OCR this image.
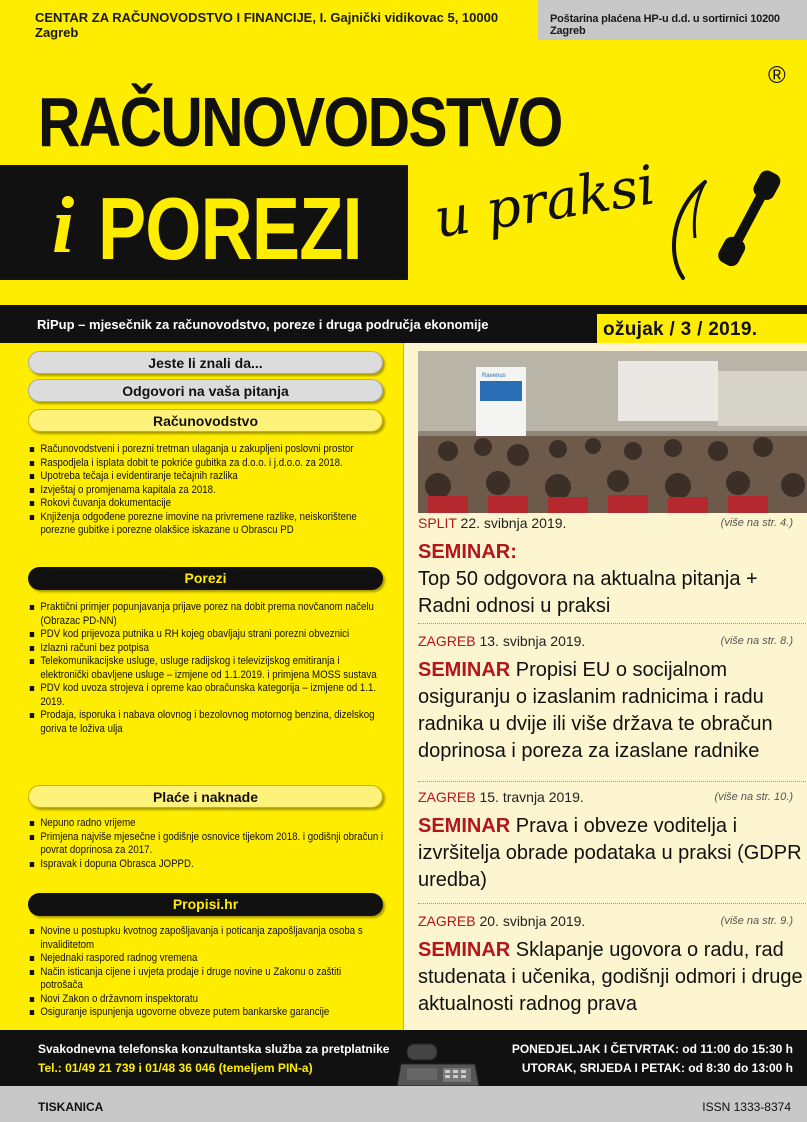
CENTAR ZA RAČUNOVODSTVO I FINANCIJE, I. Gajnički vidikovac 5, 10000 Zagreb
Poštarina plaćena HP-u d.d. u sortirnici 10200 Zagreb
RAČUNOVODSTVO
®
i POREZI u praksi
RiPup – mjesečnik za računovodstvo, poreze i druga područja ekonomije	ožujak / 3 / 2019.
Jeste li znali da...
Odgovori na vaša pitanja
Računovodstvo
Računovodstveni i porezni tretman ulaganja u zakupljeni poslovni prostor
Raspodjela i isplata dobit te pokriće gubitka za d.o.o. i j.d.o.o. za 2018.
Upotreba tečaja i evidentiranje tečajnih razlika
Izvještaj o promjenama kapitala za 2018.
Rokovi čuvanja dokumentacije
Knjiženja odgođene porezne imovine na privremene razlike, neiskorištene porezne gubitke i porezne olakšice iskazane u Obrascu PD
Porezi
Praktični primjer popunjavanja prijave porez na dobit prema novčanom načelu (Obrazac PD-NN)
PDV kod prijevoza putnika u RH kojeg obavljaju strani porezni obveznici
Izlazni računi bez potpisa
Telekomunikacijske usluge, usluge radijskog i televizijskog emitiranja i elektronički obavljene usluge – izmjene od 1.1.2019. i primjena MOSS sustava
PDV kod uvoza strojeva i opreme kao obračunska kategorija – izmjene od 1.1. 2019.
Prodaja, isporuka i nabava olovnog i bezolovnog motornog benzina, dizelskog goriva te loživa ulja
Plaće i naknade
Nepuno radno vrijeme
Primjena najviše mjesečne i godišnje osnovice tijekom 2018. i godišnji obračun i povrat doprinosa za 2017.
Ispravak i dopuna Obrasca JOPPD.
Propisi.hr
Novine u postupku kvotnog zapošljavanja i poticanja zapošljavanja osoba s invaliditetom
Nejednaki raspored radnog vremena
Način isticanja cijene i uvjeta prodaje i druge novine u Zakonu o zaštiti potrošača
Novi Zakon o državnom inspektoratu
Osiguranje ispunjenja ugovorne obveze putem bankarske garancije
Ravenus
SPLIT 22. svibnja 2019.	(više na str. 4.)
SEMINAR:
Top 50 odgovora na aktualna pitanja + Radni odnosi u praksi
ZAGREB 13. svibnja 2019.	(više na str. 8.)
SEMINAR Propisi EU o socijalnom osiguranju o izaslanim radnicima i radu radnika u dvije ili više država te obračun doprinosa i poreza za izaslane radnike
ZAGREB 15. travnja 2019.	(više na str. 10.)
SEMINAR Prava i obveze voditelja i izvršitelja obrade podataka u praksi (GDPR uredba)
ZAGREB 20. svibnja 2019.	(više na str. 9.)
SEMINAR Sklapanje ugovora o radu, rad studenata i učenika, godišnji odmori i druge aktualnosti radnog prava
Svakodnevna telefonska konzultantska služba za pretplatnike
Tel.: 01/49 21 739 i 01/48 36 046 (temeljem PIN-a)
PONEDJELJAK I ČETVRTAK: od 11:00 do 15:30 h
UTORAK, SRIJEDA I PETAK: od 8:30 do 13:00 h
TISKANICA	ISSN 1333-8374
